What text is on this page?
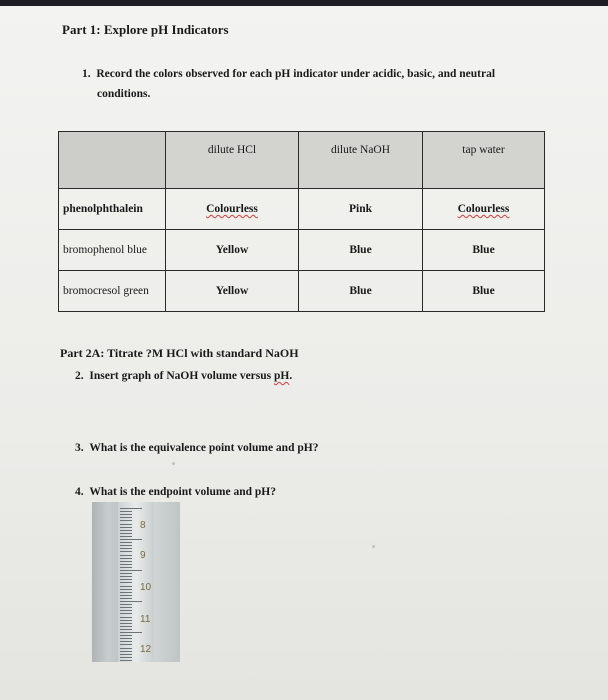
Part 1: Explore pH Indicators
1. Record the colors observed for each pH indicator under acidic, basic, and neutral
conditions.
	dilute HCl	dilute NaOH	tap water
phenolphthalein	Colourless	Pink	Colourless
bromophenol blue	Yellow	Blue	Blue
bromocresol green	Yellow	Blue	Blue
Part 2A: Titrate ?M HCl with standard NaOH
2. Insert graph of NaOH volume versus pH.
3. What is the equivalence point volume and pH?
4. What is the endpoint volume and pH?
8
9
10
11
12
